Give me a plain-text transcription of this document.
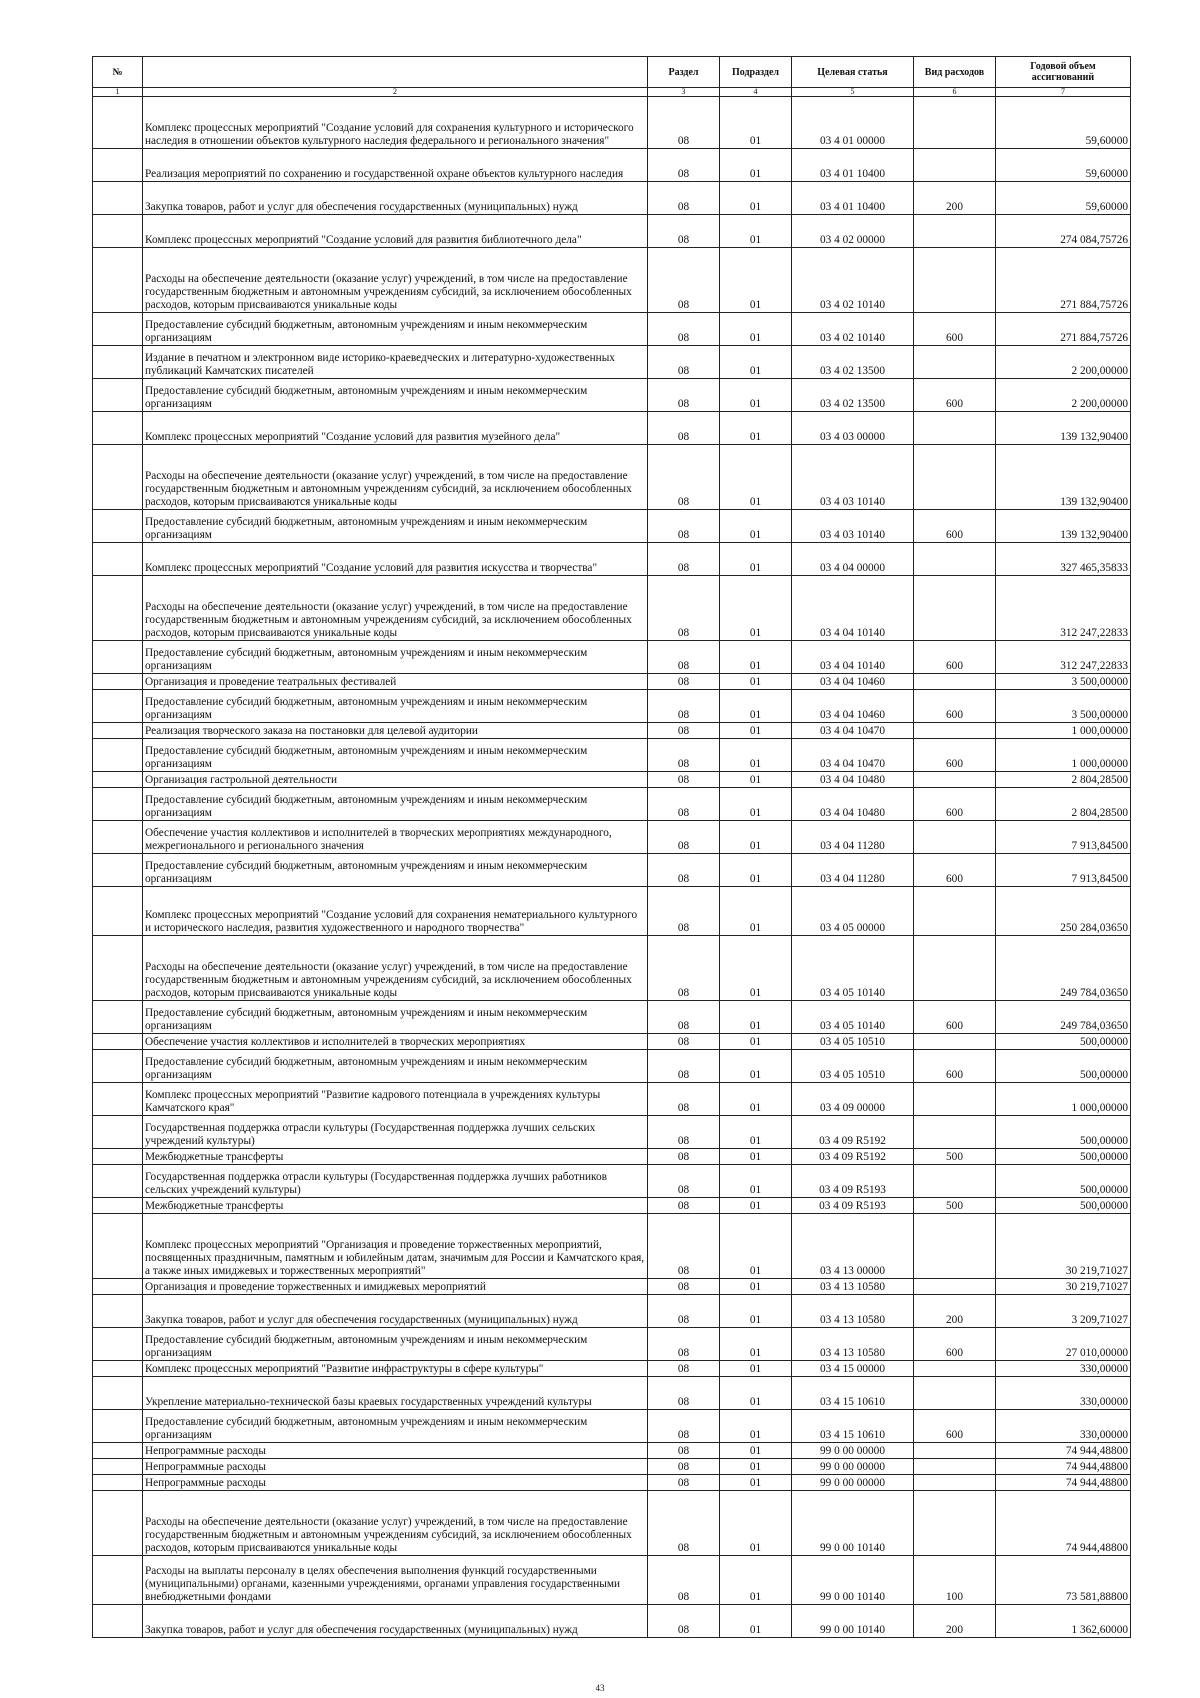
№		Раздел	Подраздел	Целевая статья	Вид расходов	Годовой объем ассигнований
1	2	3	4	5	6	7
	Комплекс процессных мероприятий "Создание условий для сохранения культурного и исторического наследия в отношении объектов культурного наследия федерального и регионального значения"	08	01	03 4 01 00000		59,60000
	Реализация мероприятий по сохранению и государственной охране объектов культурного наследия	08	01	03 4 01 10400		59,60000
	Закупка товаров, работ и услуг для обеспечения государственных (муниципальных) нужд	08	01	03 4 01 10400	200	59,60000
	Комплекс процессных мероприятий "Создание условий для развития библиотечного дела"	08	01	03 4 02 00000		274 084,75726
	Расходы на обеспечение деятельности (оказание услуг) учреждений, в том числе на предоставление государственным бюджетным и автономным учреждениям субсидий, за исключением обособленных расходов, которым присваиваются уникальные коды	08	01	03 4 02 10140		271 884,75726
	Предоставление субсидий бюджетным, автономным учреждениям и иным некоммерческим организациям	08	01	03 4 02 10140	600	271 884,75726
	Издание в печатном и электронном виде историко-краеведческих и литературно-художественных публикаций Камчатских писателей	08	01	03 4 02 13500		2 200,00000
	Предоставление субсидий бюджетным, автономным учреждениям и иным некоммерческим организациям	08	01	03 4 02 13500	600	2 200,00000
	Комплекс процессных мероприятий "Создание условий для развития музейного дела"	08	01	03 4 03 00000		139 132,90400
	Расходы на обеспечение деятельности (оказание услуг) учреждений, в том числе на предоставление государственным бюджетным и автономным учреждениям субсидий, за исключением обособленных расходов, которым присваиваются уникальные коды	08	01	03 4 03 10140		139 132,90400
	Предоставление субсидий бюджетным, автономным учреждениям и иным некоммерческим организациям	08	01	03 4 03 10140	600	139 132,90400
	Комплекс процессных мероприятий "Создание условий для развития искусства и творчества"	08	01	03 4 04 00000		327 465,35833
	Расходы на обеспечение деятельности (оказание услуг) учреждений, в том числе на предоставление государственным бюджетным и автономным учреждениям субсидий, за исключением обособленных расходов, которым присваиваются уникальные коды	08	01	03 4 04 10140		312 247,22833
	Предоставление субсидий бюджетным, автономным учреждениям и иным некоммерческим организациям	08	01	03 4 04 10140	600	312 247,22833
	Организация и проведение театральных фестивалей	08	01	03 4 04 10460		3 500,00000
	Предоставление субсидий бюджетным, автономным учреждениям и иным некоммерческим организациям	08	01	03 4 04 10460	600	3 500,00000
	Реализация творческого заказа на постановки для целевой аудитории	08	01	03 4 04 10470		1 000,00000
	Предоставление субсидий бюджетным, автономным учреждениям и иным некоммерческим организациям	08	01	03 4 04 10470	600	1 000,00000
	Организация гастрольной деятельности	08	01	03 4 04 10480		2 804,28500
	Предоставление субсидий бюджетным, автономным учреждениям и иным некоммерческим организациям	08	01	03 4 04 10480	600	2 804,28500
	Обеспечение участия коллективов и исполнителей в творческих мероприятиях международного, межрегионального и регионального значения	08	01	03 4 04 11280		7 913,84500
	Предоставление субсидий бюджетным, автономным учреждениям и иным некоммерческим организациям	08	01	03 4 04 11280	600	7 913,84500
	Комплекс процессных мероприятий "Создание условий для сохранения нематериального культурного и исторического наследия, развития художественного и народного творчества"	08	01	03 4 05 00000		250 284,03650
	Расходы на обеспечение деятельности (оказание услуг) учреждений, в том числе на предоставление государственным бюджетным и автономным учреждениям субсидий, за исключением обособленных расходов, которым присваиваются уникальные коды	08	01	03 4 05 10140		249 784,03650
	Предоставление субсидий бюджетным, автономным учреждениям и иным некоммерческим организациям	08	01	03 4 05 10140	600	249 784,03650
	Обеспечение участия коллективов и исполнителей в творческих мероприятиях	08	01	03 4 05 10510		500,00000
	Предоставление субсидий бюджетным, автономным учреждениям и иным некоммерческим организациям	08	01	03 4 05 10510	600	500,00000
	Комплекс процессных мероприятий "Развитие кадрового потенциала в учреждениях культуры Камчатского края"	08	01	03 4 09 00000		1 000,00000
	Государственная поддержка отрасли культуры (Государственная поддержка лучших сельских учреждений культуры)	08	01	03 4 09 R5192		500,00000
	Межбюджетные трансферты	08	01	03 4 09 R5192	500	500,00000
	Государственная поддержка отрасли культуры (Государственная поддержка лучших работников сельских учреждений культуры)	08	01	03 4 09 R5193		500,00000
	Межбюджетные трансферты	08	01	03 4 09 R5193	500	500,00000
	Комплекс процессных мероприятий "Организация и проведение торжественных мероприятий, посвященных праздничным, памятным и юбилейным датам, значимым для России и Камчатского края, а также иных имиджевых и торжественных мероприятий"	08	01	03 4 13 00000		30 219,71027
	Организация и проведение торжественных и имиджевых мероприятий	08	01	03 4 13 10580		30 219,71027
	Закупка товаров, работ и услуг для обеспечения государственных (муниципальных) нужд	08	01	03 4 13 10580	200	3 209,71027
	Предоставление субсидий бюджетным, автономным учреждениям и иным некоммерческим организациям	08	01	03 4 13 10580	600	27 010,00000
	Комплекс процессных мероприятий "Развитие инфраструктуры в сфере культуры"	08	01	03 4 15 00000		330,00000
	Укрепление материально-технической базы краевых государственных учреждений культуры	08	01	03 4 15 10610		330,00000
	Предоставление субсидий бюджетным, автономным учреждениям и иным некоммерческим организациям	08	01	03 4 15 10610	600	330,00000
	Непрограммные расходы	08	01	99 0 00 00000		74 944,48800
	Непрограммные расходы	08	01	99 0 00 00000		74 944,48800
	Непрограммные расходы	08	01	99 0 00 00000		74 944,48800
	Расходы на обеспечение деятельности (оказание услуг) учреждений, в том числе на предоставление государственным бюджетным и автономным учреждениям субсидий, за исключением обособленных расходов, которым присваиваются уникальные коды	08	01	99 0 00 10140		74 944,48800
	Расходы на выплаты персоналу в целях обеспечения выполнения функций государственными (муниципальными) органами, казенными учреждениями, органами управления государственными внебюджетными фондами	08	01	99 0 00 10140	100	73 581,88800
	Закупка товаров, работ и услуг для обеспечения государственных (муниципальных) нужд	08	01	99 0 00 10140	200	1 362,60000
43
